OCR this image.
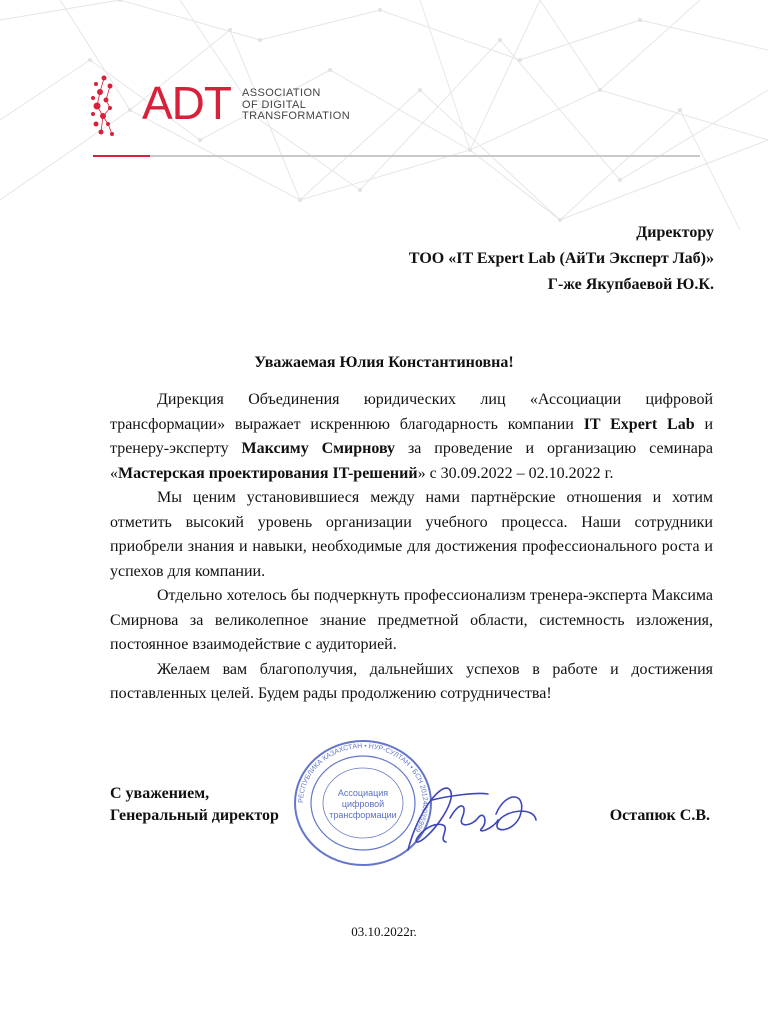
ADT ASSOCIATION
OF DIGITAL
TRANSFORMATION
Директору
ТОО «IT Expert Lab (АйТи Эксперт Лаб)»
Г-же Якупбаевой Ю.К.
Уважаемая Юлия Константиновна!

Дирекция Объединения юридических лиц «Ассоциации цифровой трансформации» выражает искреннюю благодарность компании IT Expert Lab и тренеру-эксперту Максиму Смирнову за проведение и организацию семинара «Мастерская проектирования IT-решений» с 30.09.2022 – 02.10.2022 г.

Мы ценим установившиеся между нами партнёрские отношения и хотим отметить высокий уровень организации учебного процесса. Наши сотрудники приобрели знания и навыки, необходимые для достижения профессионального роста и успехов для компании.

Отдельно хотелось бы подчеркнуть профессионализм тренера-эксперта Максима Смирнова за великолепное знание предметной области, системность изложения, постоянное взаимодействие с аудиторией.

Желаем вам благополучия, дальнейших успехов в работе и достижения поставленных целей. Будем рады продолжению сотрудничества!

С уважением,
Генеральный директор	Остапюк С.В.
РЕСПУБЛИКА КАЗАХСТАН • НУР-СУЛТАН • БСН 201240035999
Ассоциация
цифровой
трансформации
03.10.2022г.
